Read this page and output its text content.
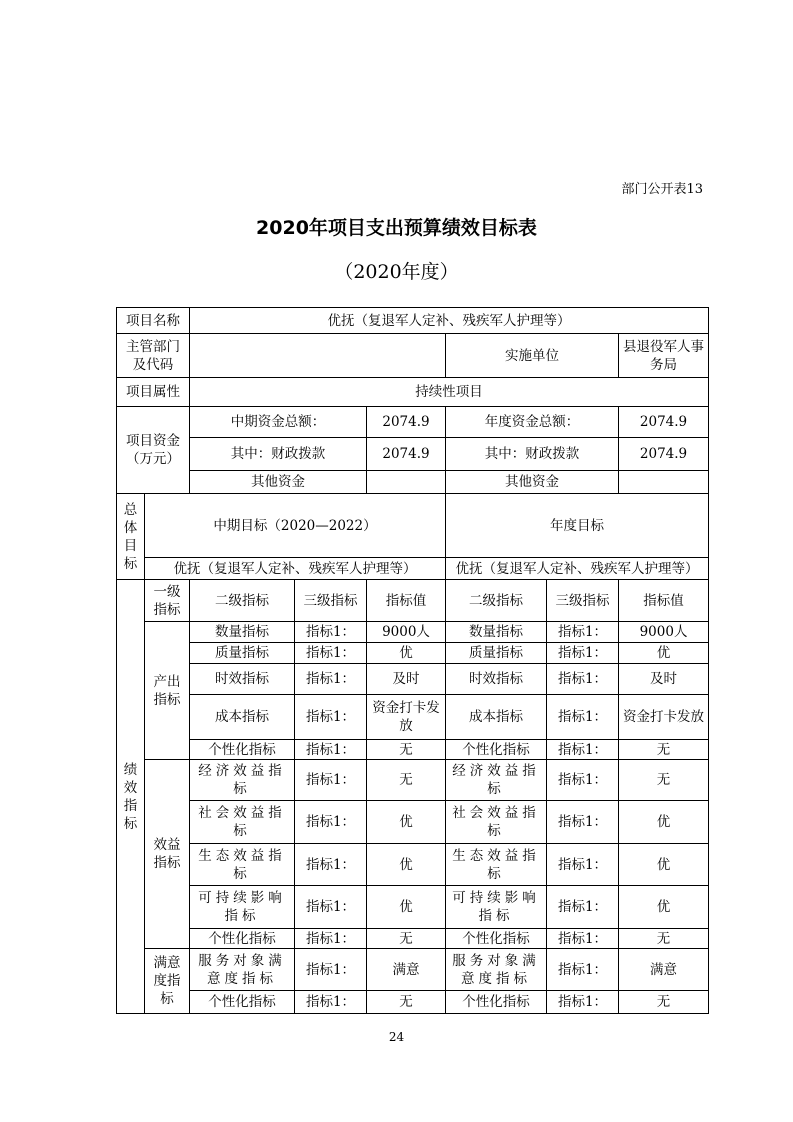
部门公开表13
2020年项目支出预算绩效目标表
（2020年度）
项目名称		优抚（复退军人定补、残疾军人护理等）					
主管部门及代码					实施单位		县退役军人事务局
项目属性		持续性项目					
项目资金（万元）		中期资金总额：		2074.9	年度资金总额：		2074.9
		其中：财政拨款		2074.9	其中：财政拨款		2074.9
		其他资金			其他资金		
总体目标	中期目标（2020—2022）				年度目标		
	优抚（复退军人定补、残疾军人护理等）				优抚（复退军人定补、残疾军人护理等）		
绩效指标	一级指标	二级指标	三级指标	指标值	二级指标	三级指标	指标值
	产出指标	数量指标	指标1：	9000人	数量指标	指标1：	9000人
		质量指标	指标1：	优	质量指标	指标1：	优
		时效指标	指标1：	及时	时效指标	指标1：	及时
		成本指标	指标1：	资金打卡发放	成本指标	指标1：	资金打卡发放
		个性化指标	指标1：	无	个性化指标	指标1：	无
	效益指标	经济效益指标	指标1：	无	经济效益指标	指标1：	无
		社会效益指标	指标1：	优	社会效益指标	指标1：	优
		生态效益指标	指标1：	优	生态效益指标	指标1：	优
		可持续影响指标	指标1：	优	可持续影响指标	指标1：	优
		个性化指标	指标1：	无	个性化指标	指标1：	无
	满意度指标	服务对象满意度指标	指标1：	满意	服务对象满意度指标	指标1：	满意
		个性化指标	指标1：	无	个性化指标	指标1：	无
24
